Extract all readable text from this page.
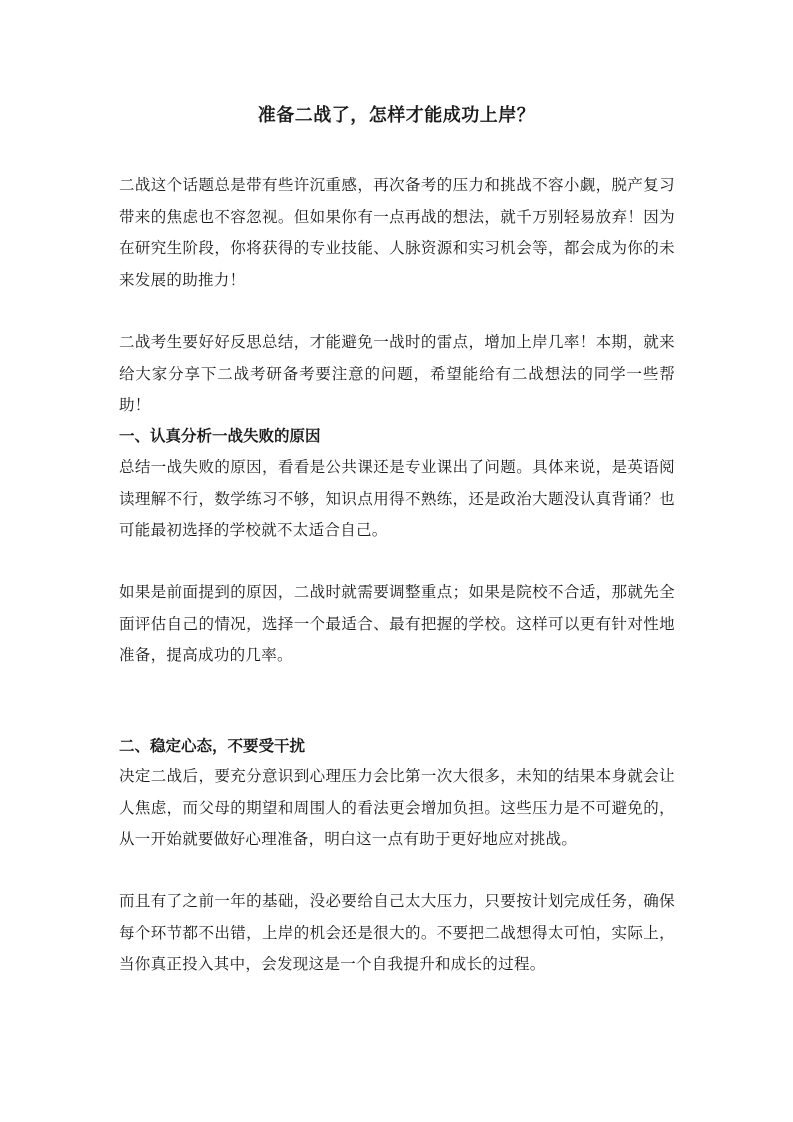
准备二战了，怎样才能成功上岸？
二战这个话题总是带有些许沉重感，再次备考的压力和挑战不容小觑，脱产复习带来的焦虑也不容忽视。但如果你有一点再战的想法，就千万别轻易放弃！因为在研究生阶段，你将获得的专业技能、人脉资源和实习机会等，都会成为你的未来发展的助推力！
二战考生要好好反思总结，才能避免一战时的雷点，增加上岸几率！本期，就来给大家分享下二战考研备考要注意的问题，希望能给有二战想法的同学一些帮助！
一、认真分析一战失败的原因
总结一战失败的原因，看看是公共课还是专业课出了问题。具体来说，是英语阅读理解不行，数学练习不够，知识点用得不熟练，还是政治大题没认真背诵？也可能最初选择的学校就不太适合自己。
如果是前面提到的原因，二战时就需要调整重点；如果是院校不合适，那就先全面评估自己的情况，选择一个最适合、最有把握的学校。这样可以更有针对性地准备，提高成功的几率。
二、稳定心态，不要受干扰
决定二战后，要充分意识到心理压力会比第一次大很多，未知的结果本身就会让人焦虑，而父母的期望和周围人的看法更会增加负担。这些压力是不可避免的，从一开始就要做好心理准备，明白这一点有助于更好地应对挑战。
而且有了之前一年的基础，没必要给自己太大压力，只要按计划完成任务，确保每个环节都不出错，上岸的机会还是很大的。不要把二战想得太可怕，实际上，当你真正投入其中，会发现这是一个自我提升和成长的过程。
